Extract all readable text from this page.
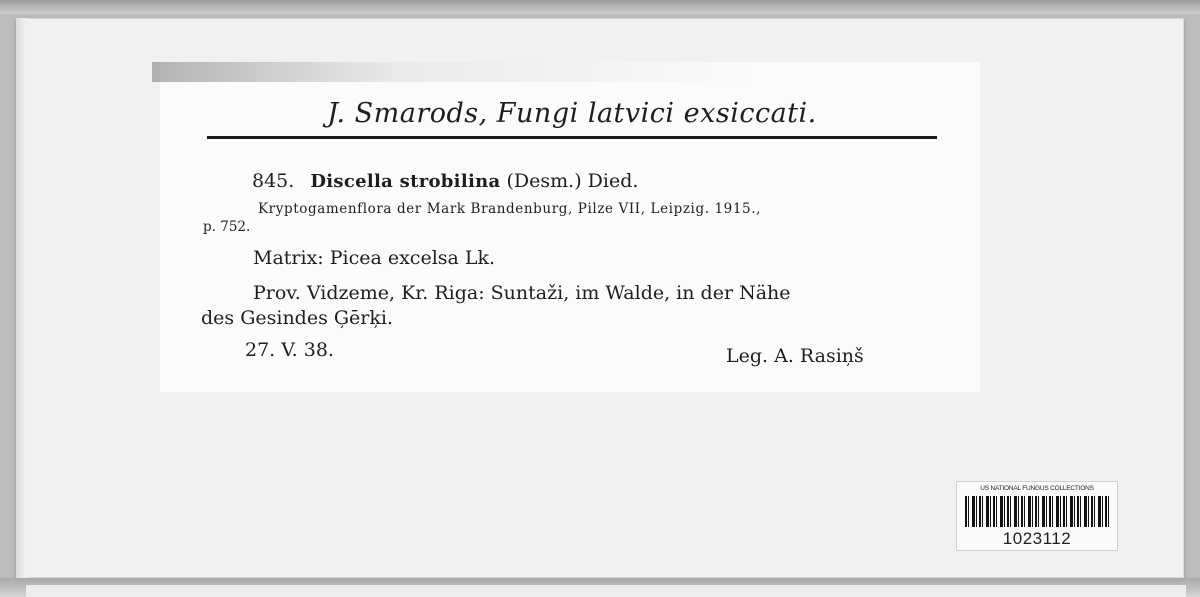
J. Smarods, Fungi latvici exsiccati.
845. Discella strobilina (Desm.) Died.
Kryptogamenflora der Mark Brandenburg, Pilze VII, Leipzig. 1915.,
p. 752.
Matrix: Picea excelsa Lk.
Prov. Vidzeme, Kr. Riga: Suntaži, im Walde, in der Nähe
des Gesindes Ģērķi.
27. V. 38.	Leg. A. Rasiņš
US NATIONAL FUNGUS COLLECTIONS
1023112
